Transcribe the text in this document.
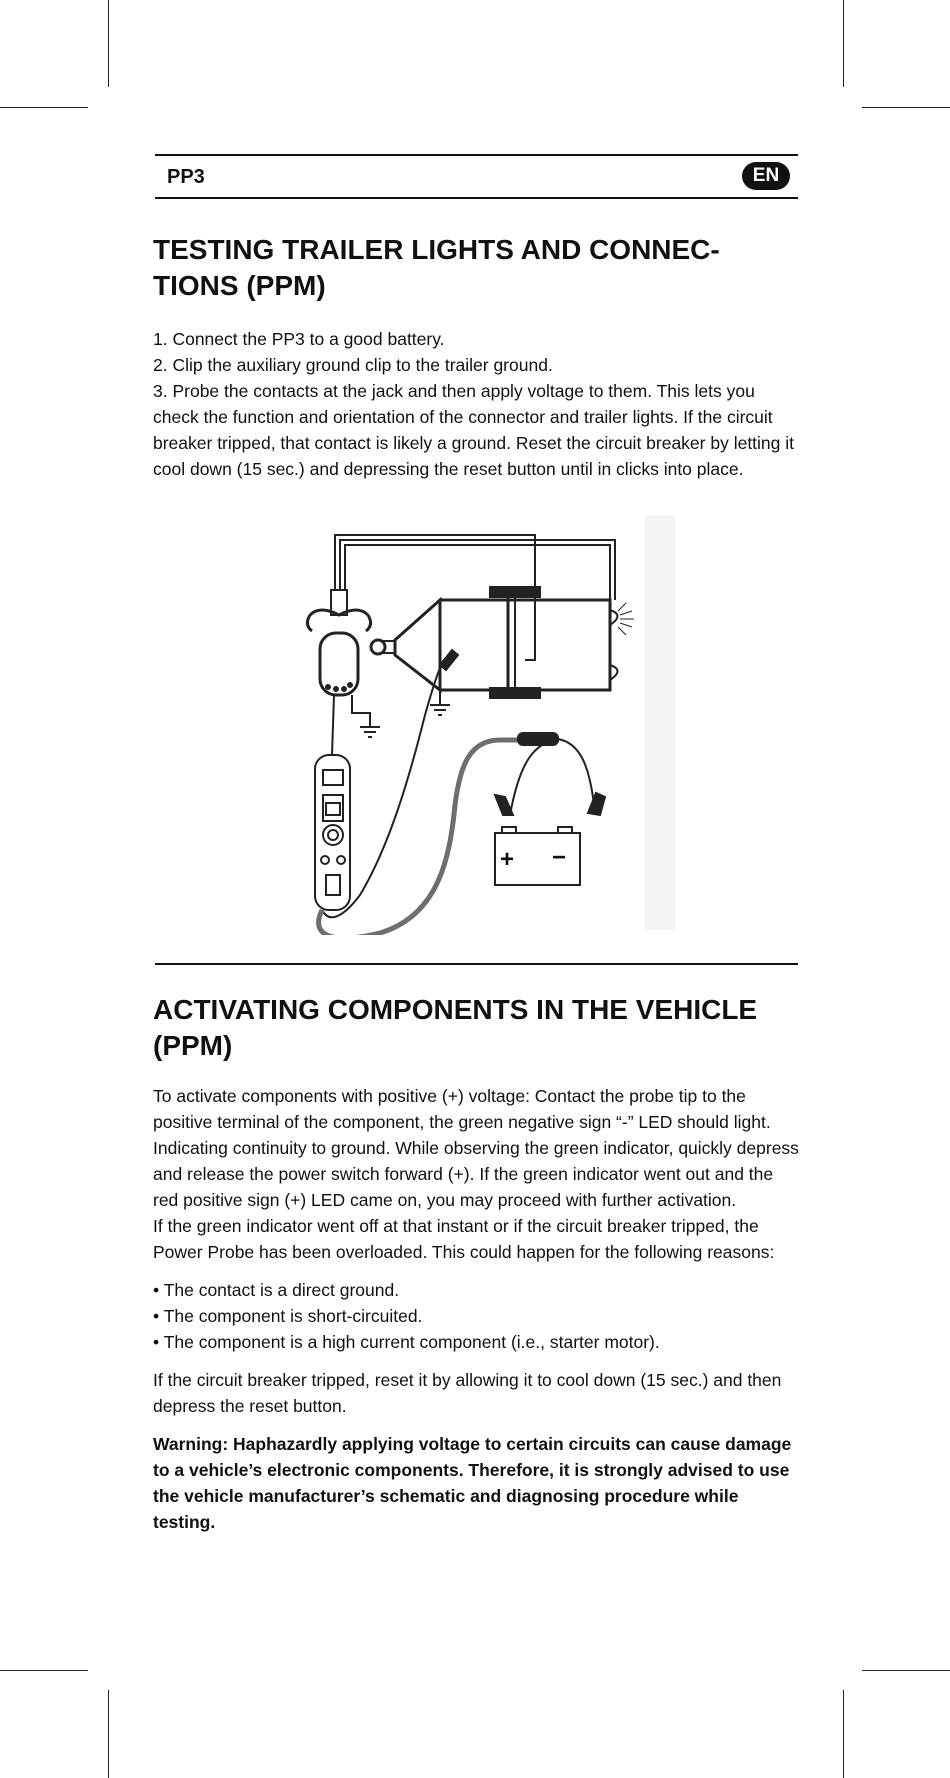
PP3	EN
TESTING TRAILER LIGHTS AND CONNEC-
TIONS (PPM)
1. Connect the PP3 to a good battery.
2. Clip the auxiliary ground clip to the trailer ground.
3. Probe the contacts at the jack and then apply voltage to them. This lets you check the function and orientation of the connector and trailer lights. If the circuit breaker tripped, that contact is likely a ground. Reset the circuit breaker by letting it cool down (15 sec.) and depressing the reset button until in clicks into place.
+ −
ACTIVATING COMPONENTS IN THE VEHICLE
(PPM)

To activate components with positive (+) voltage: Contact the probe tip to the positive terminal of the component, the green negative sign “-” LED should light. Indicating continuity to ground. While observing the green indicator, quickly depress and release the power switch forward (+). If the green indicator went out and the red positive sign (+) LED came on, you may proceed with further activation.

If the green indicator went off at that instant or if the circuit breaker tripped, the Power Probe has been overloaded. This could happen for the following reasons:

• The contact is a direct ground.
• The component is short-circuited.
• The component is a high current component (i.e., starter motor).

If the circuit breaker tripped, reset it by allowing it to cool down (15 sec.) and then depress the reset button.

Warning: Haphazardly applying voltage to certain circuits can cause damage to a vehicle’s electronic components. Therefore, it is strongly advised to use the vehicle manufacturer’s schematic and diagnosing procedure while testing.
